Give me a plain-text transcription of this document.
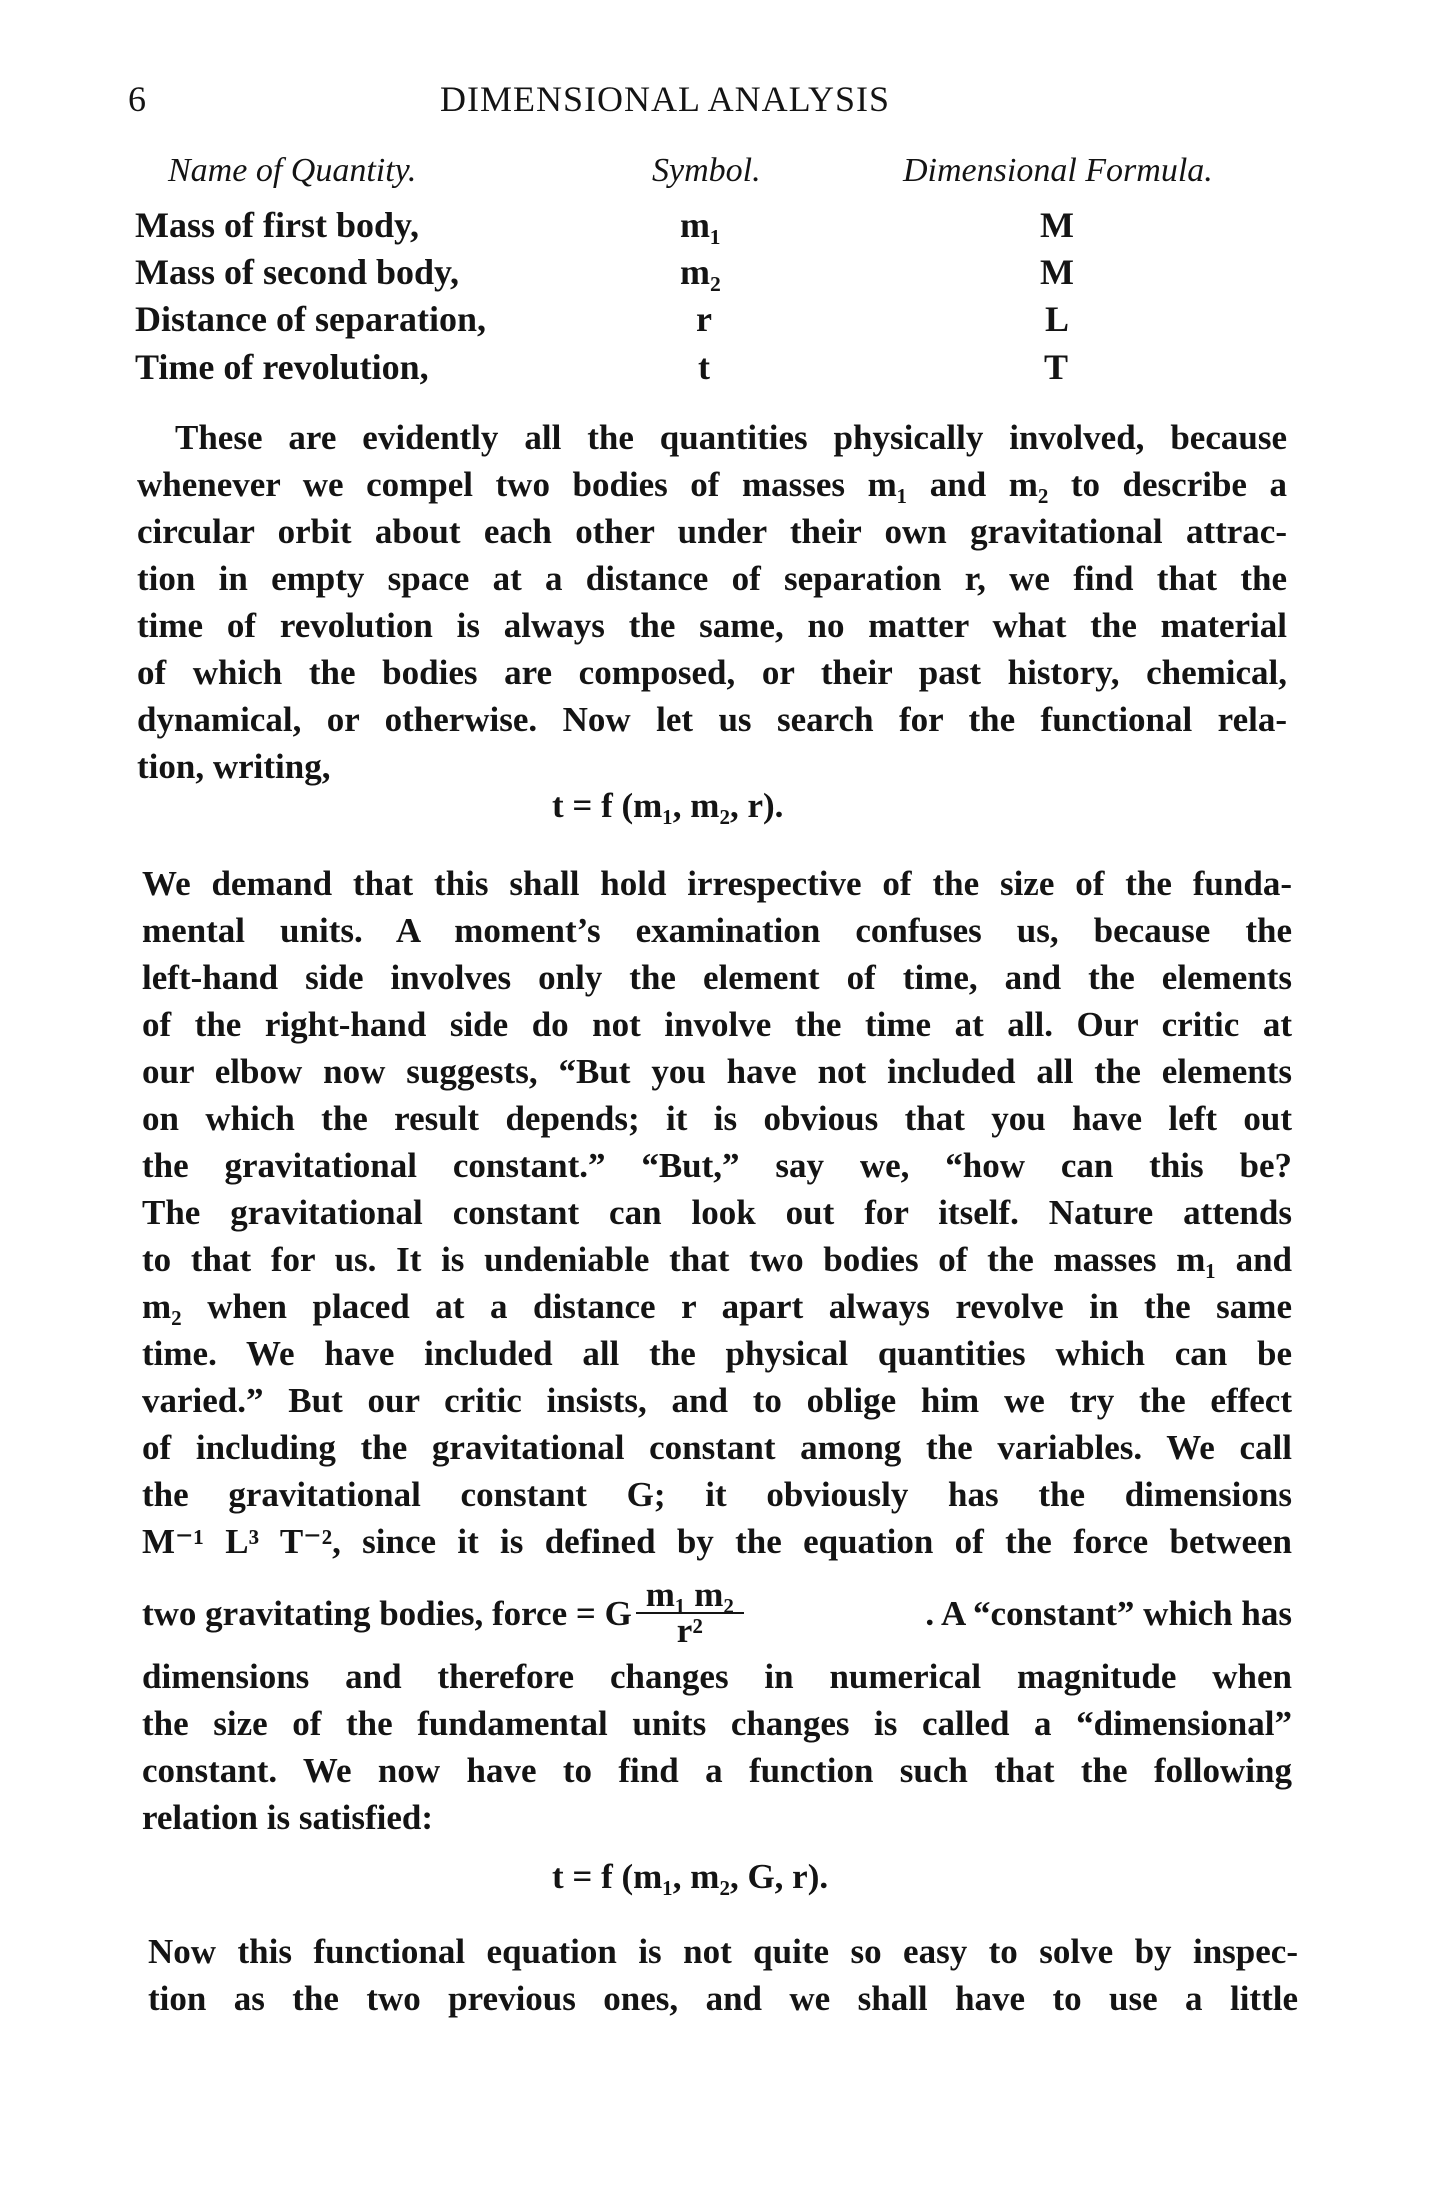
6	DIMENSIONAL ANALYSIS
Name of Quantity.	Symbol.	Dimensional Formula.
Mass of first body,	m₁	M
Mass of second body,	m₂	M
Distance of separation,	r	L
Time of revolution,	t	T
These are evidently all the quantities physically involved, because
whenever we compel two bodies of masses m₁ and m₂ to describe a
circular orbit about each other under their own gravitational attrac-
tion in empty space at a distance of separation r, we find that the
time of revolution is always the same, no matter what the material
of which the bodies are composed, or their past history, chemical,
dynamical, or otherwise. Now let us search for the functional rela-
tion, writing,
t = f (m₁, m₂, r).
We demand that this shall hold irrespective of the size of the funda-
mental units. A moment’s examination confuses us, because the
left-hand side involves only the element of time, and the elements
of the right-hand side do not involve the time at all. Our critic at
our elbow now suggests, “But you have not included all the elements
on which the result depends; it is obvious that you have left out
the gravitational constant.” “But,” say we, “how can this be?
The gravitational constant can look out for itself. Nature attends
to that for us. It is undeniable that two bodies of the masses m₁ and
m₂ when placed at a distance r apart always revolve in the same
time. We have included all the physical quantities which can be
varied.” But our critic insists, and to oblige him we try the effect
of including the gravitational constant among the variables. We call
the gravitational constant G; it obviously has the dimensions
M⁻¹ L³ T⁻², since it is defined by the equation of the force between
two gravitating bodies, force = G $\frac{\text{m₁ m₂}}{\text{r²}}$	. A “constant” which has
dimensions and therefore changes in numerical magnitude when
the size of the fundamental units changes is called a “dimensional”
constant. We now have to find a function such that the following
relation is satisfied:
t = f (m₁, m₂, G, r).
Now this functional equation is not quite so easy to solve by inspec-
tion as the two previous ones, and we shall have to use a little
